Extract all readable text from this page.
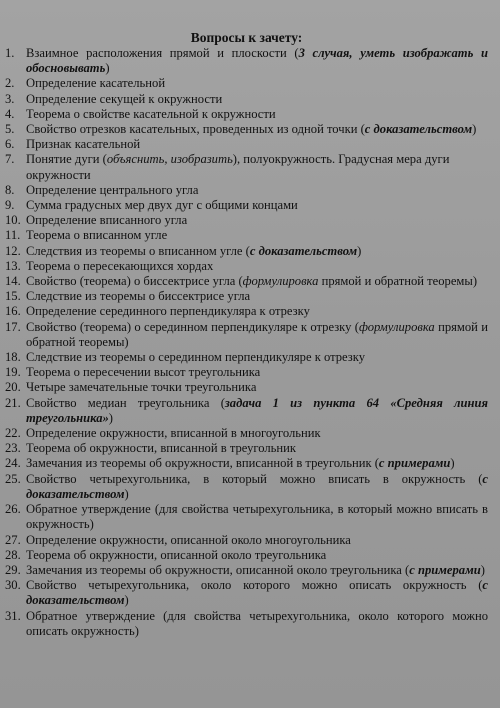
Вопросы к зачету:
1. Взаимное расположения прямой и плоскости (3 случая, уметь изображать и обосновывать)
2. Определение касательной
3. Определение секущей к окружности
4. Теорема о свойстве касательной к окружности
5. Свойство отрезков касательных, проведенных из одной точки (с доказательством)
6. Признак касательной
7. Понятие дуги (объяснить, изобразить), полуокружность. Градусная мера дуги окружности
8. Определение центрального угла
9. Сумма градусных мер двух дуг с общими концами
10. Определение вписанного угла
11. Теорема о вписанном угле
12. Следствия из теоремы о вписанном угле (с доказательством)
13. Теорема о пересекающихся хордах
14. Свойство (теорема) о биссектрисе угла (формулировка прямой и обратной теоремы)
15. Следствие из теоремы о биссектрисе угла
16. Определение серединного перпендикуляра к отрезку
17. Свойство (теорема) о серединном перпендикуляре к отрезку (формулировка прямой и обратной теоремы)
18. Следствие из теоремы о серединном перпендикуляре к отрезку
19. Теорема о пересечении высот треугольника
20. Четыре замечательные точки треугольника
21. Свойство медиан треугольника (задача 1 из пункта 64 «Средняя линия треугольника»)
22. Определение окружности, вписанной в многоугольник
23. Теорема об окружности, вписанной в треугольник
24. Замечания из теоремы об окружности, вписанной в треугольник (с примерами)
25. Свойство четырехугольника, в который можно вписать в окружность (с доказательством)
26. Обратное утверждение (для свойства четырехугольника, в который можно вписать в окружность)
27. Определение окружности, описанной около многоугольника
28. Теорема об окружности, описанной около треугольника
29. Замечания из теоремы об окружности, описанной около треугольника (с примерами)
30. Свойство четырехугольника, около которого можно описать окружность (с доказательством)
31. Обратное утверждение (для свойства четырехугольника, около которого можно описать окружность)
